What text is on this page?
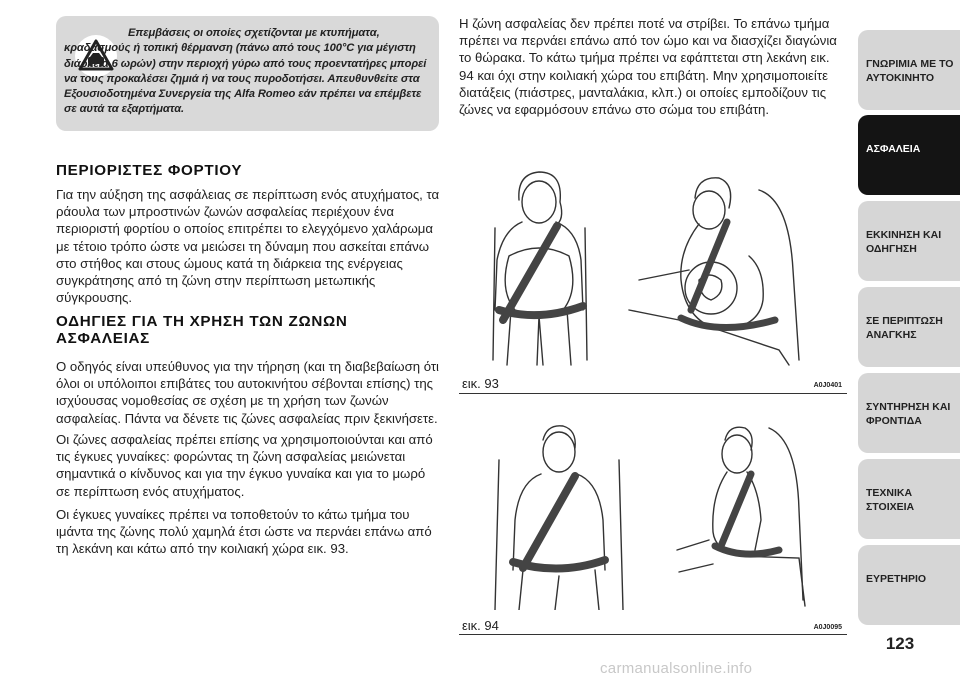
Επεμβάσεις οι οποίες σχετίζονται με κτυπήματα, κραδασμούς ή τοπική θέρμανση (πάνω από τους 100°C για μέγιστη διάρκεια 6 ωρών) στην περιοχή γύρω από τους προεντατήρες μπορεί να τους προκαλέσει ζημιά ή να τους πυροδοτήσει. Απευθυνθείτε στα Εξουσιοδοτημένα Συνεργεία της Alfa Romeo εάν πρέπει να επέμβετε σε αυτά τα εξαρτήματα.
ΠΕΡΙΟΡΙΣΤΕΣ ΦΟΡΤΙΟΥ

Για την αύξηση της ασφάλειας σε περίπτωση ενός ατυχήματος, τα ράουλα των μπροστινών ζωνών ασφαλείας περιέχουν ένα περιοριστή φορτίου ο οποίος επιτρέπει το ελεγχόμενο χαλάρωμα με τέτοιο τρόπο ώστε να μειώσει τη δύναμη που ασκείται επάνω στο στήθος και στους ώμους κατά τη διάρκεια της ενέργειας συγκράτησης από τη ζώνη στην περίπτωση μετωπικής σύγκρουσης.

ΟΔΗΓΙΕΣ ΓΙΑ ΤΗ ΧΡΗΣΗ ΤΩΝ ΖΩΝΩΝ ΑΣΦΑΛΕΙΑΣ

Ο οδηγός είναι υπεύθυνος για την τήρηση (και τη διαβεβαίωση ότι όλοι οι υπόλοιποι επιβάτες του αυτοκινήτου σέβονται επίσης) της ισχύουσας νομοθεσίας σε σχέση με τη χρήση των ζωνών ασφαλείας. Πάντα να δένετε τις ζώνες ασφαλείας πριν ξεκινήσετε.

Οι ζώνες ασφαλείας πρέπει επίσης να χρησιμοποιούνται και από τις έγκυες γυναίκες: φορώντας τη ζώνη ασφαλείας μειώνεται σημαντικά ο κίνδυνος και για την έγκυο γυναίκα και για το μωρό σε περίπτωση ενός ατυχήματος.

Οι έγκυες γυναίκες πρέπει να τοποθετούν το κάτω τμήμα του ιμάντα της ζώνης πολύ χαμηλά έτσι ώστε να περνάει επάνω από τη λεκάνη και κάτω από την κοιλιακή χώρα εικ. 93.

Η ζώνη ασφαλείας δεν πρέπει ποτέ να στρίβει. Το επάνω τμήμα πρέπει να περνάει επάνω από τον ώμο και να διασχίζει διαγώνια το θώρακα. Το κάτω τμήμα πρέπει να εφάπτεται στη λεκάνη εικ. 94 και όχι στην κοιλιακή χώρα του επιβάτη. Μην χρησιμοποιείτε διατάξεις (πιάστρες, μανταλάκια, κλπ.) οι οποίες εμποδίζουν τις ζώνες να εφαρμόσουν επάνω στο σώμα του επιβάτη.

εικ. 93	A0J0401
εικ. 94	A0J0095
ΓΝΩΡΙΜΙΑ ΜΕ ΤΟ ΑΥΤΟΚΙΝΗΤΟ
ΑΣΦΑΛΕΙΑ
ΕΚΚΙΝΗΣΗ ΚΑΙ ΟΔΗΓΗΣΗ
ΣΕ ΠΕΡΙΠΤΩΣΗ ΑΝΑΓΚΗΣ
ΣΥΝΤΗΡΗΣΗ ΚΑΙ ΦΡΟΝΤΙΔΑ
ΤΕΧΝΙΚΑ ΣΤΟΙΧΕΙΑ
ΕΥΡΕΤΗΡΙΟ
123
carmanualsonline.info
